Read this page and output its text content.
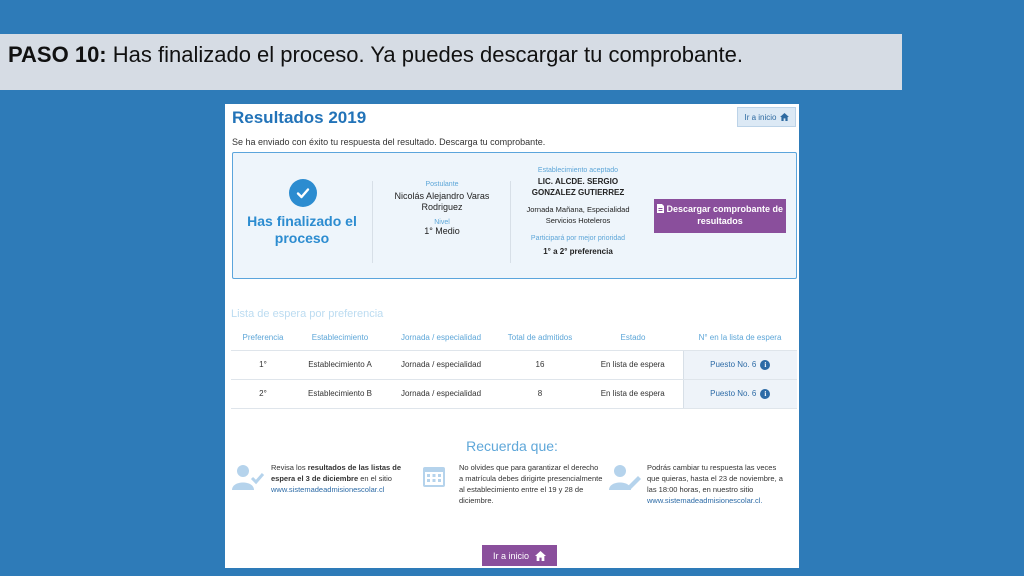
PASO 10: Has finalizado el proceso. Ya puedes descargar tu comprobante.
Resultados 2019	Ir a inicio
Se ha enviado con éxito tu respuesta del resultado. Descarga tu comprobante.
Has finalizado el proceso
Postulante
Nicolás Alejandro Varas Rodriguez
Nivel
1° Medio
Establecimiento aceptado
LIC. ALCDE. SERGIO GONZALEZ GUTIERREZ
Jornada Mañana, Especialidad Servicios Hoteleros
Participará por mejor prioridad
1° a 2° preferencia
Descargar comprobante de resultados
Lista de espera por preferencia
Preferencia	Establecimiento	Jornada / especialidad	Total de admitidos	Estado	N° en la lista de espera
1°	Establecimiento A	Jornada / especialidad	16	En lista de espera	Puesto No. 6 i
2°	Establecimiento B	Jornada / especialidad	8	En lista de espera	Puesto No. 6 i
Recuerda que:
Revisa los resultados de las listas de espera el 3 de diciembre en el sitio
www.sistemadeadmisionescolar.cl
No olvides que para garantizar el derecho a matrícula debes dirigirte presencialmente al establecimiento entre el 19 y 28 de diciembre.
Podrás cambiar tu respuesta las veces que quieras, hasta el 23 de noviembre, a las 18:00 horas, en nuestro sitio
www.sistemadeadmisionescolar.cl.
Ir a inicio
